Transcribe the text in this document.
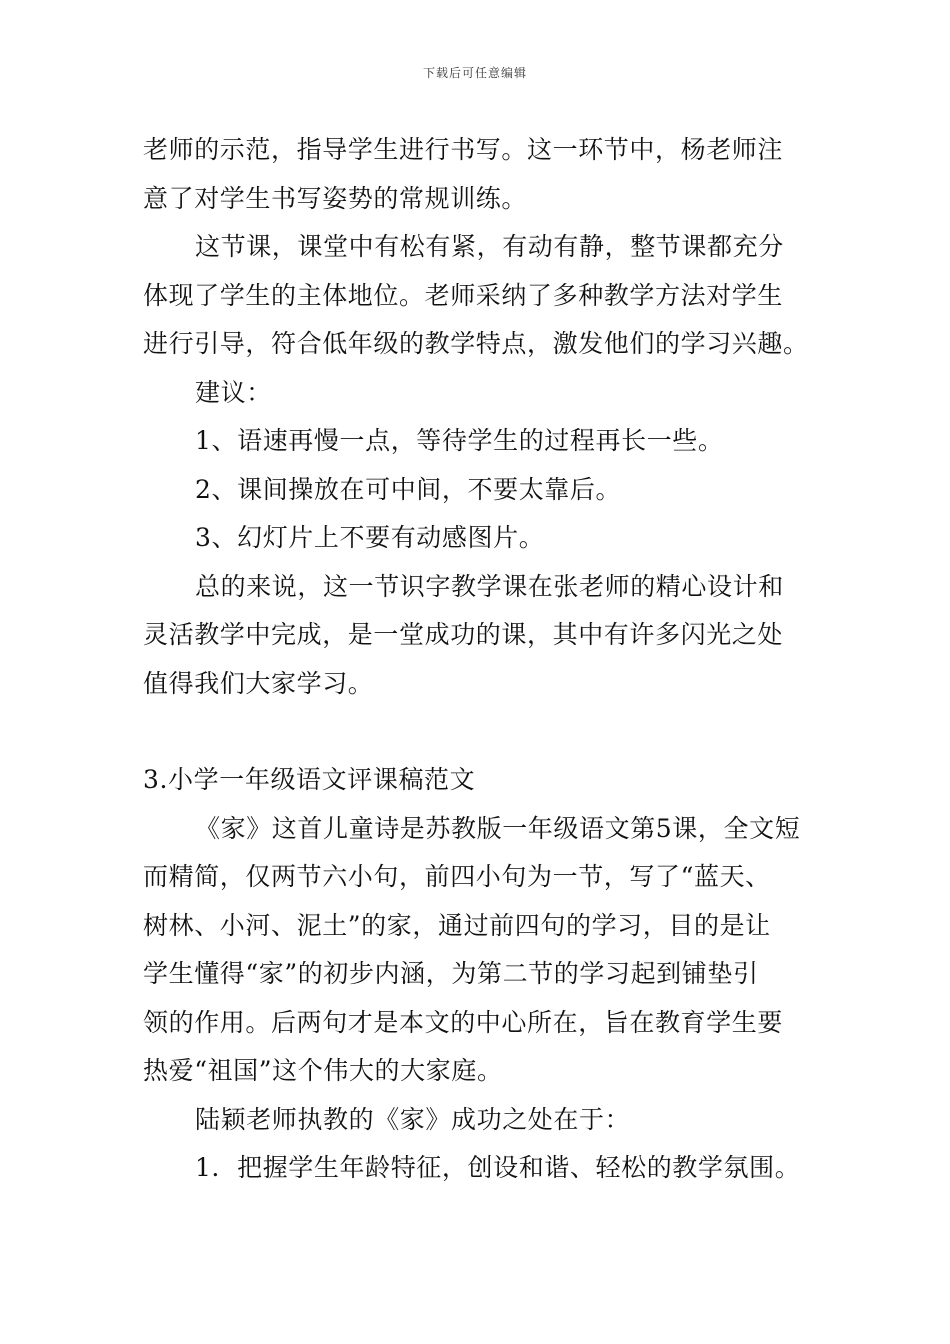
下载后可任意编辑
老师的示范，指导学生进行书写。这一环节中，杨老师注
意了对学生书写姿势的常规训练。
这节课，课堂中有松有紧，有动有静，整节课都充分
体现了学生的主体地位。老师采纳了多种教学方法对学生
进行引导，符合低年级的教学特点，激发他们的学习兴趣。
建议：
1、语速再慢一点，等待学生的过程再长一些。
2、课间操放在可中间，不要太靠后。
3、幻灯片上不要有动感图片。
总的来说，这一节识字教学课在张老师的精心设计和
灵活教学中完成，是一堂成功的课，其中有许多闪光之处
值得我们大家学习。
3.小学一年级语文评课稿范文
《家》这首儿童诗是苏教版一年级语文第5课，全文短
而精简，仅两节六小句，前四小句为一节，写了“蓝天、
树林、小河、泥土”的家，通过前四句的学习，目的是让
学生懂得“家”的初步内涵，为第二节的学习起到铺垫引
领的作用。后两句才是本文的中心所在，旨在教育学生要
热爱“祖国”这个伟大的大家庭。
陆颖老师执教的《家》成功之处在于：
1．把握学生年龄特征，创设和谐、轻松的教学氛围。
